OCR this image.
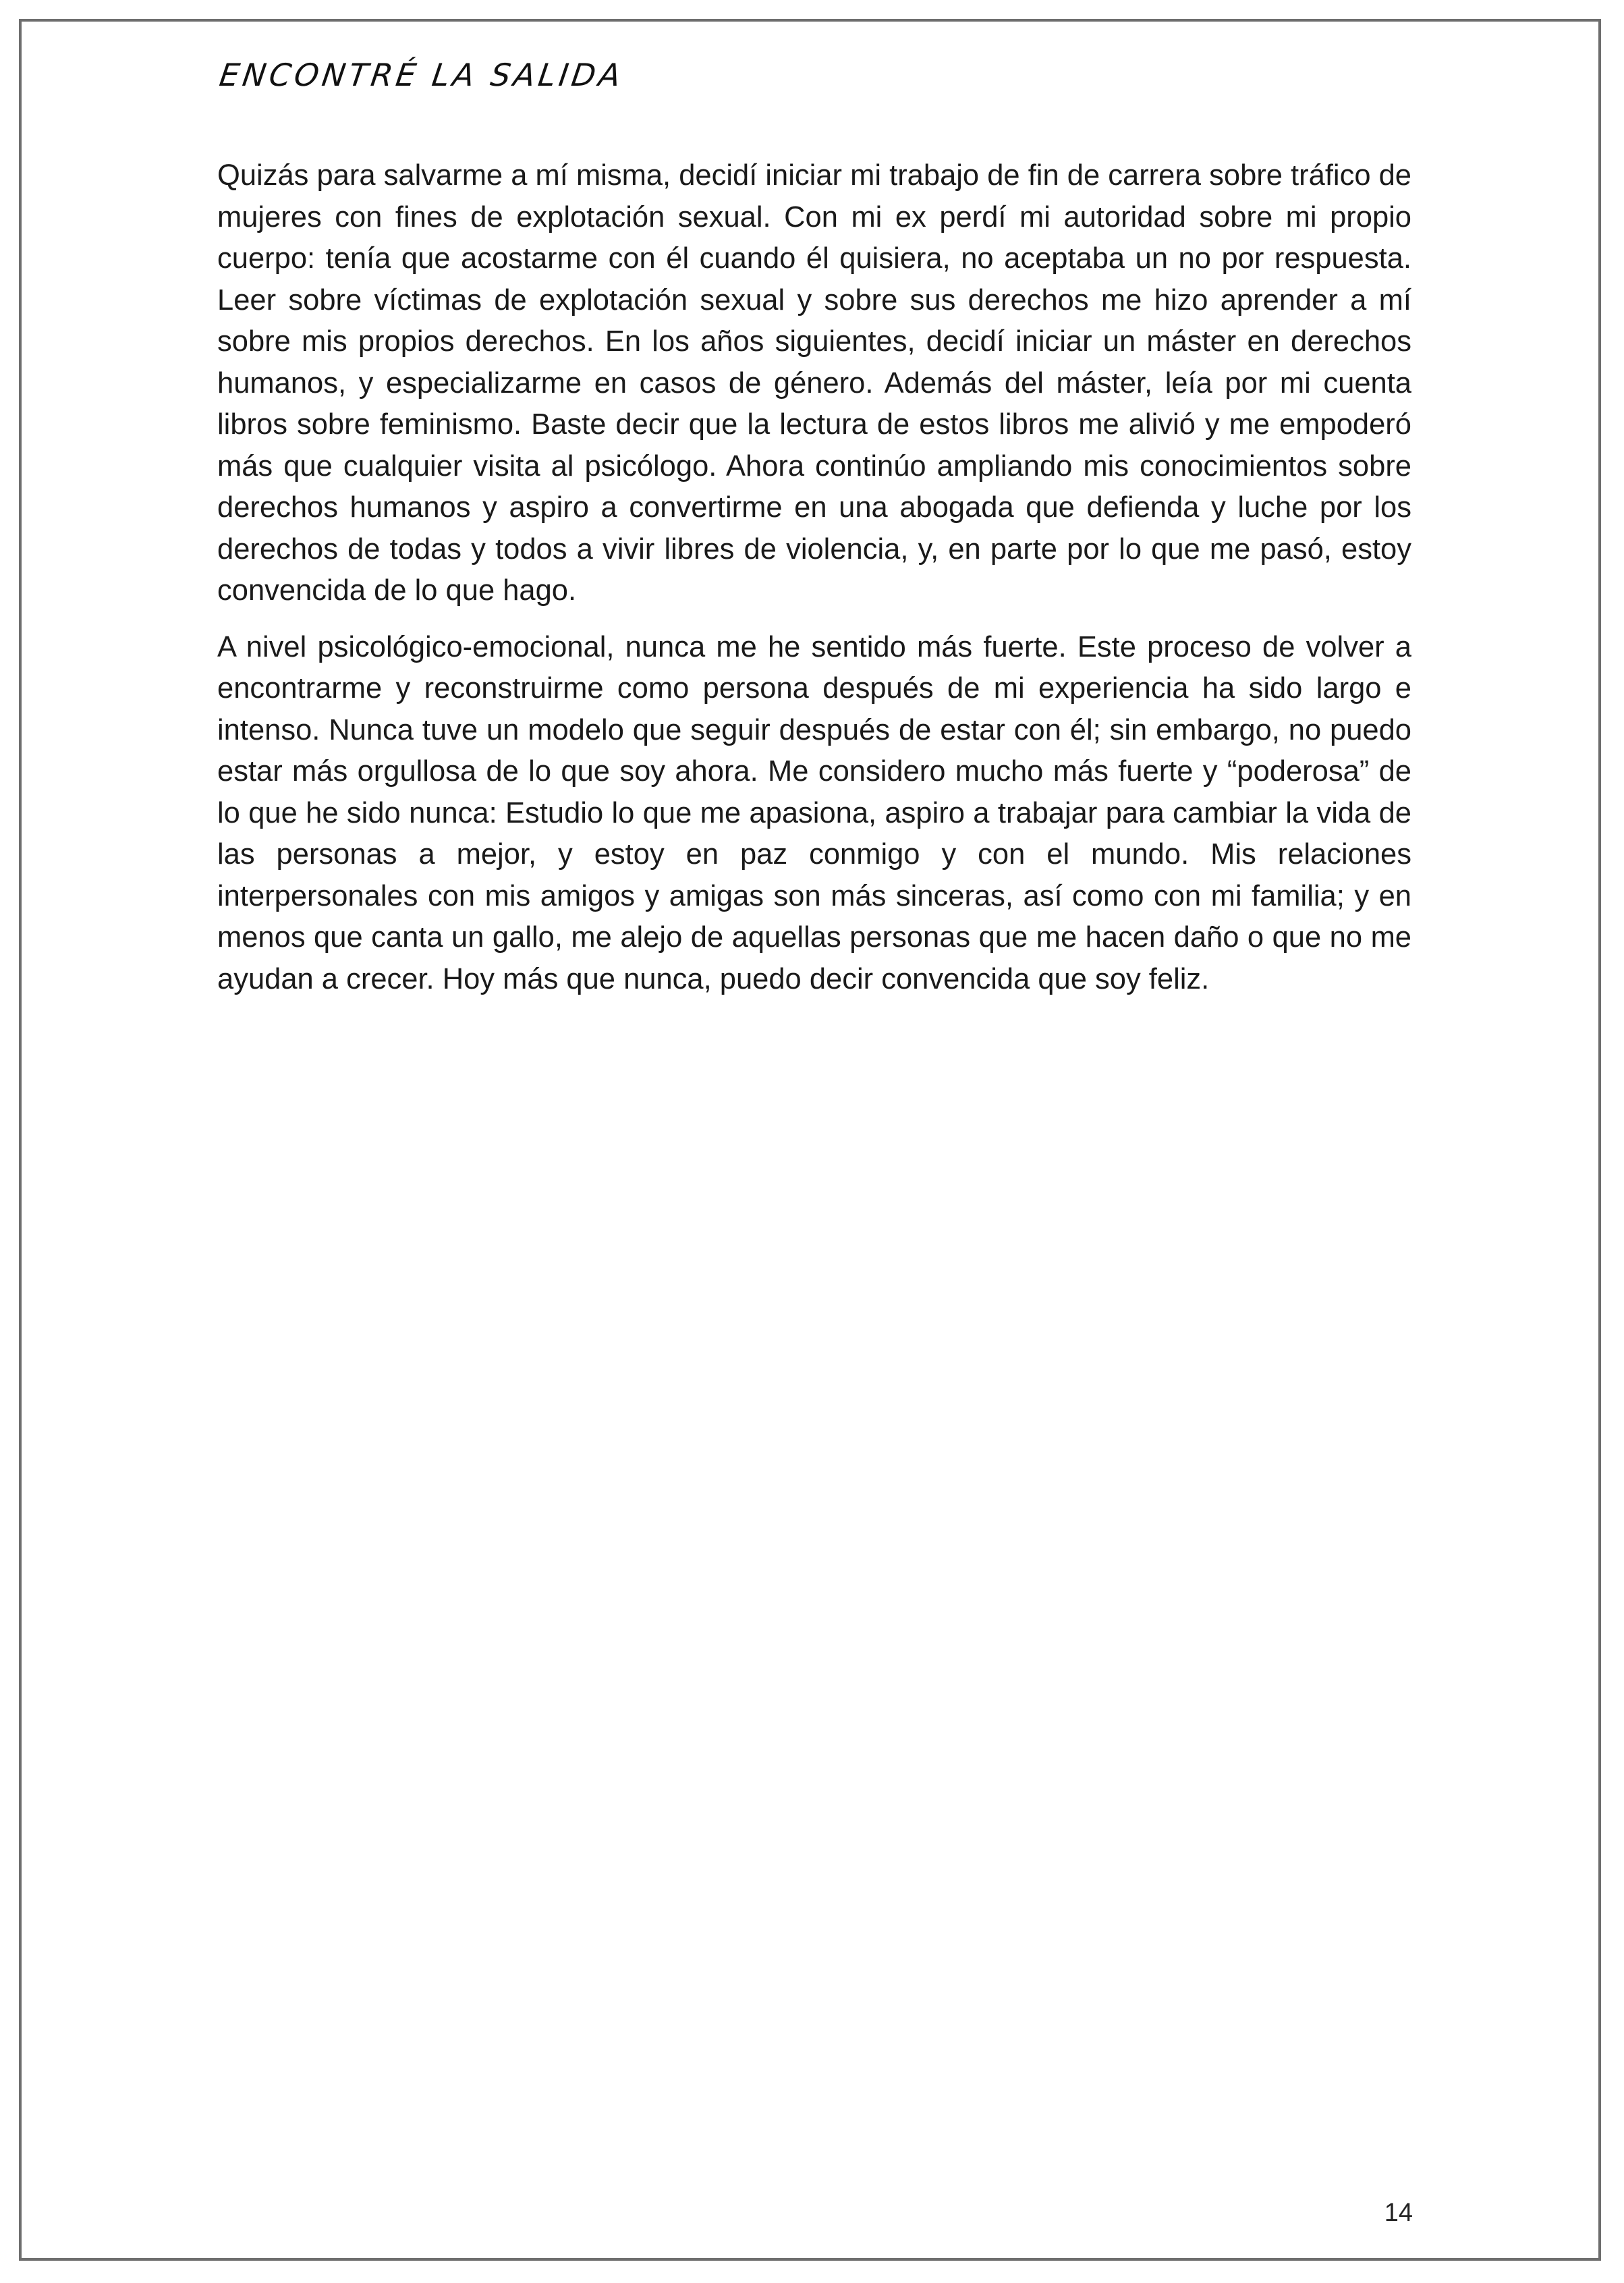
ENCONTRÉ LA SALIDA

Quizás para salvarme a mí misma, decidí iniciar mi trabajo de fin de carrera sobre tráfico de mujeres con fines de explotación sexual. Con mi ex perdí mi autoridad sobre mi propio cuerpo: tenía que acostarme con él cuando él quisiera, no aceptaba un no por respuesta. Leer sobre víctimas de explotación sexual y sobre sus derechos me hizo aprender a mí sobre mis propios derechos. En los años siguientes, decidí iniciar un máster en derechos humanos, y especializarme en casos de género. Además del máster, leía por mi cuenta libros sobre feminismo. Baste decir que la lectura de estos libros me alivió y me empoderó más que cualquier visita al psicólogo. Ahora continúo ampliando mis conocimientos sobre derechos humanos y aspiro a convertirme en una abogada que defienda y luche por los derechos de todas y todos a vivir libres de violencia, y, en parte por lo que me pasó, estoy convencida de lo que hago.

A nivel psicológico-emocional, nunca me he sentido más fuerte. Este proceso de volver a encontrarme y reconstruirme como persona después de mi experiencia ha sido largo e intenso. Nunca tuve un modelo que seguir después de estar con él; sin embargo, no puedo estar más orgullosa de lo que soy ahora. Me considero mucho más fuerte y “poderosa” de lo que he sido nunca: Estudio lo que me apasiona, aspiro a trabajar para cambiar la vida de las personas a mejor, y estoy en paz conmigo y con el mundo. Mis relaciones interpersonales con mis amigos y amigas son más sinceras, así como con mi familia; y en menos que canta un gallo, me alejo de aquellas personas que me hacen daño o que no me ayudan a crecer. Hoy más que nunca, puedo decir convencida que soy feliz.

14
